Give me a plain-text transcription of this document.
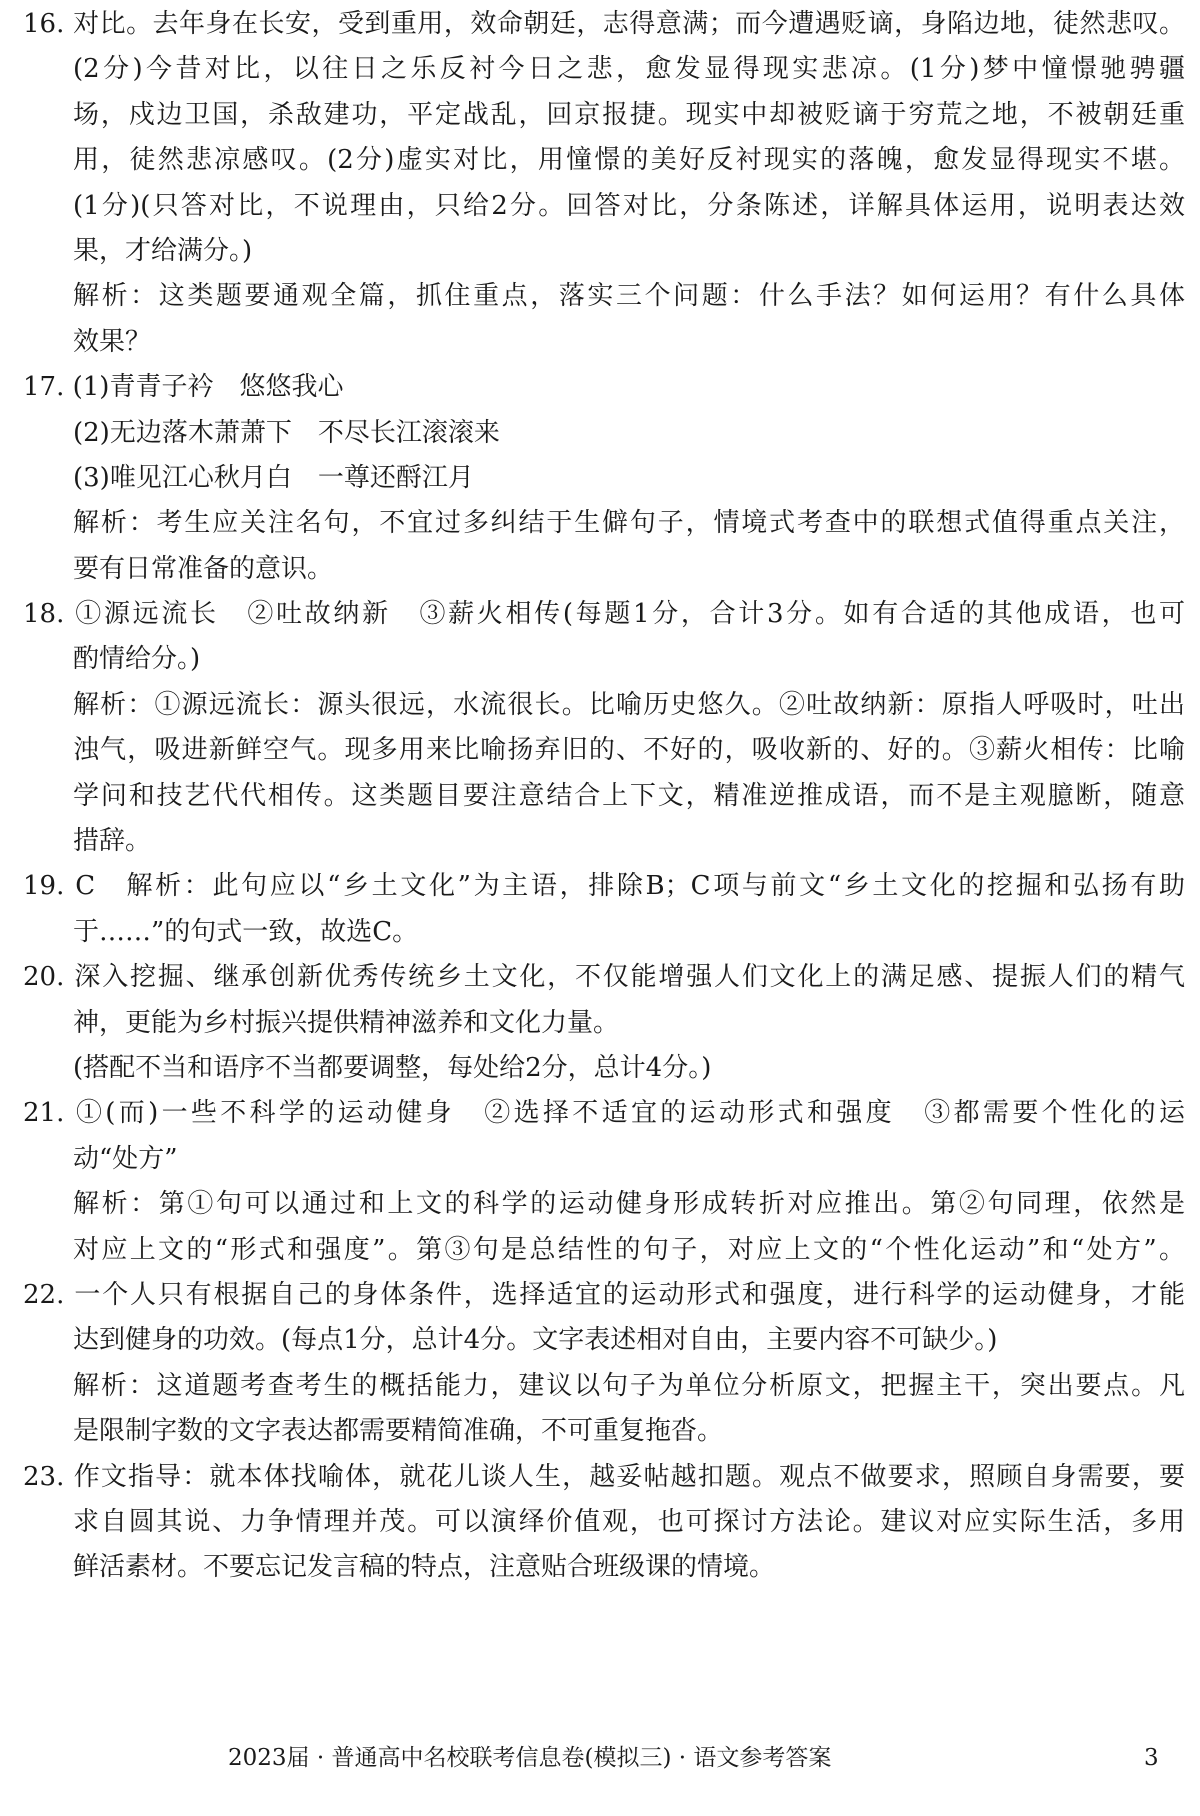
16. 对比。去年身在长安，受到重用，效命朝廷，志得意满；而今遭遇贬谪，身陷边地，徒然悲叹。
(2分)今昔对比，以往日之乐反衬今日之悲，愈发显得现实悲凉。(1分)梦中憧憬驰骋疆
场，戍边卫国，杀敌建功，平定战乱，回京报捷。现实中却被贬谪于穷荒之地，不被朝廷重
用，徒然悲凉感叹。(2分)虚实对比，用憧憬的美好反衬现实的落魄，愈发显得现实不堪。
(1分)(只答对比，不说理由，只给2分。回答对比，分条陈述，详解具体运用，说明表达效
果，才给满分。)
解析：这类题要通观全篇，抓住重点，落实三个问题：什么手法？如何运用？有什么具体
效果？
17. (1)青青子衿　悠悠我心
(2)无边落木萧萧下　不尽长江滚滚来
(3)唯见江心秋月白　一尊还酹江月
解析：考生应关注名句，不宜过多纠结于生僻句子，情境式考查中的联想式值得重点关注，
要有日常准备的意识。
18. ①源远流长　②吐故纳新　③薪火相传(每题1分，合计3分。如有合适的其他成语，也可
酌情给分。)
解析：①源远流长：源头很远，水流很长。比喻历史悠久。②吐故纳新：原指人呼吸时，吐出
浊气，吸进新鲜空气。现多用来比喻扬弃旧的、不好的，吸收新的、好的。③薪火相传：比喻
学问和技艺代代相传。这类题目要注意结合上下文，精准逆推成语，而不是主观臆断，随意
措辞。
19. C　解析：此句应以“乡土文化”为主语，排除B；C项与前文“乡土文化的挖掘和弘扬有助
于……”的句式一致，故选C。
20. 深入挖掘、继承创新优秀传统乡土文化，不仅能增强人们文化上的满足感、提振人们的精气
神，更能为乡村振兴提供精神滋养和文化力量。
(搭配不当和语序不当都要调整，每处给2分，总计4分。)
21. ①(而)一些不科学的运动健身　②选择不适宜的运动形式和强度　③都需要个性化的运
动“处方”
解析：第①句可以通过和上文的科学的运动健身形成转折对应推出。第②句同理，依然是
对应上文的“形式和强度”。第③句是总结性的句子，对应上文的“个性化运动”和“处方”。
22. 一个人只有根据自己的身体条件，选择适宜的运动形式和强度，进行科学的运动健身，才能
达到健身的功效。(每点1分，总计4分。文字表述相对自由，主要内容不可缺少。)
解析：这道题考查考生的概括能力，建议以句子为单位分析原文，把握主干，突出要点。凡
是限制字数的文字表达都需要精简准确，不可重复拖沓。
23. 作文指导：就本体找喻体，就花儿谈人生，越妥帖越扣题。观点不做要求，照顾自身需要，要
求自圆其说、力争情理并茂。可以演绎价值观，也可探讨方法论。建议对应实际生活，多用
鲜活素材。不要忘记发言稿的特点，注意贴合班级课的情境。
2023届 · 普通高中名校联考信息卷(模拟三) · 语文参考答案	3
